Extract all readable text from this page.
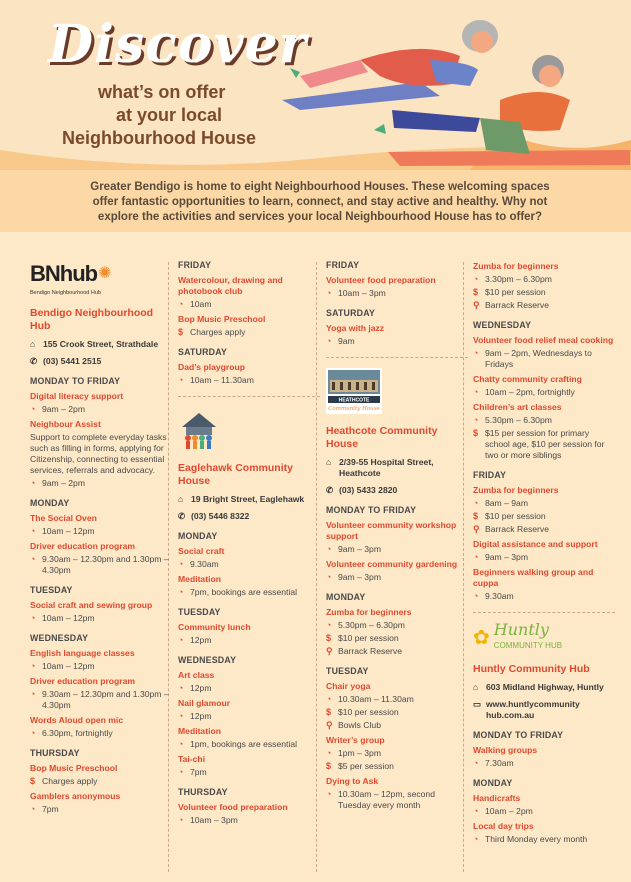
Discover
what’s on offer
at your local
Neighbourhood House
Greater Bendigo is home to eight Neighbourhood Houses. These welcoming spaces offer fantastic opportunities to learn, connect, and stay active and healthy. Why not explore the activities and services your local Neighbourhood House has to offer?
BNhub ✺
Bendigo Neighbourhood Hub
Bendigo Neighbourhood Hub
⌂ 155 Crook Street, Strathdale
✆ (03) 5441 2515
MONDAY TO FRIDAY
Digital literacy support
◔ 9am – 2pm
Neighbour Assist
Support to complete everyday tasks such as filling in forms, applying for Citizenship, connecting to essential services, referrals and advocacy.
◔ 9am – 2pm
MONDAY
The Social Oven
◔ 10am – 12pm
Driver education program
◔ 9.30am – 12.30pm and 1.30pm – 4.30pm
TUESDAY
Social craft and sewing group
◔ 10am – 12pm
WEDNESDAY
English language classes
◔ 10am – 12pm
Driver education program
◔ 9.30am – 12.30pm and 1.30pm – 4.30pm
Words Aloud open mic
◔ 6.30pm, fortnightly
THURSDAY
Bop Music Preschool
$ Charges apply
Gamblers anonymous
◔ 7pm
FRIDAY
Watercolour, drawing and photobook club
◔ 10am
Bop Music Preschool
$ Charges apply
SATURDAY
Dad’s playgroup
◔ 10am – 11.30am
Eaglehawk Community House
⌂ 19 Bright Street, Eaglehawk
✆ (03) 5446 8322
MONDAY
Social craft
◔ 9.30am
Meditation
◔ 7pm, bookings are essential
TUESDAY
Community lunch
◔ 12pm
WEDNESDAY
Art class
◔ 12pm
Nail glamour
◔ 12pm
Meditation
◔ 1pm, bookings are essential
Tai-chi
◔ 7pm
THURSDAY
Volunteer food preparation
◔ 10am – 3pm
FRIDAY
Volunteer food preparation
◔ 10am – 3pm
SATURDAY
Yoga with jazz
◔ 9am
HEATHCOTE
Community House
Heathcote Community House
⌂ 2/39-55 Hospital Street, Heathcote
✆ (03) 5433 2820
MONDAY TO FRIDAY
Volunteer community workshop support
◔ 9am – 3pm
Volunteer community gardening
◔ 9am – 3pm
MONDAY
Zumba for beginners
◔ 5.30pm – 6.30pm
$ $10 per session
⚲ Barrack Reserve
TUESDAY
Chair yoga
◔ 10.30am – 11.30am
$ $10 per session
⚲ Bowls Club
Writer’s group
◔ 1pm – 3pm
$ $5 per session
Dying to Ask
◔ 10.30am – 12pm, second Tuesday every month
Zumba for beginners
◔ 3.30pm – 6.30pm
$ $10 per session
⚲ Barrack Reserve
WEDNESDAY
Volunteer food relief meal cooking
◔ 9am – 2pm, Wednesdays to Fridays
Chatty community crafting
◔ 10am – 2pm, fortnightly
Children’s art classes
◔ 5.30pm – 6.30pm
$ $15 per session for primary school age, $10 per session for two or more siblings
FRIDAY
Zumba for beginners
◔ 8am – 9am
$ $10 per session
⚲ Barrack Reserve
Digital assistance and support
◔ 9am – 3pm
Beginners walking group and cuppa
◔ 9.30am
✿ Huntly
COMMUNITY HUB
Huntly Community Hub
⌂ 603 Midland Highway, Huntly
▭ www.huntlycommunity hub.com.au
MONDAY TO FRIDAY
Walking groups
◔ 7.30am
MONDAY
Handicrafts
◔ 10am – 2pm
Local day trips
◔ Third Monday every month
